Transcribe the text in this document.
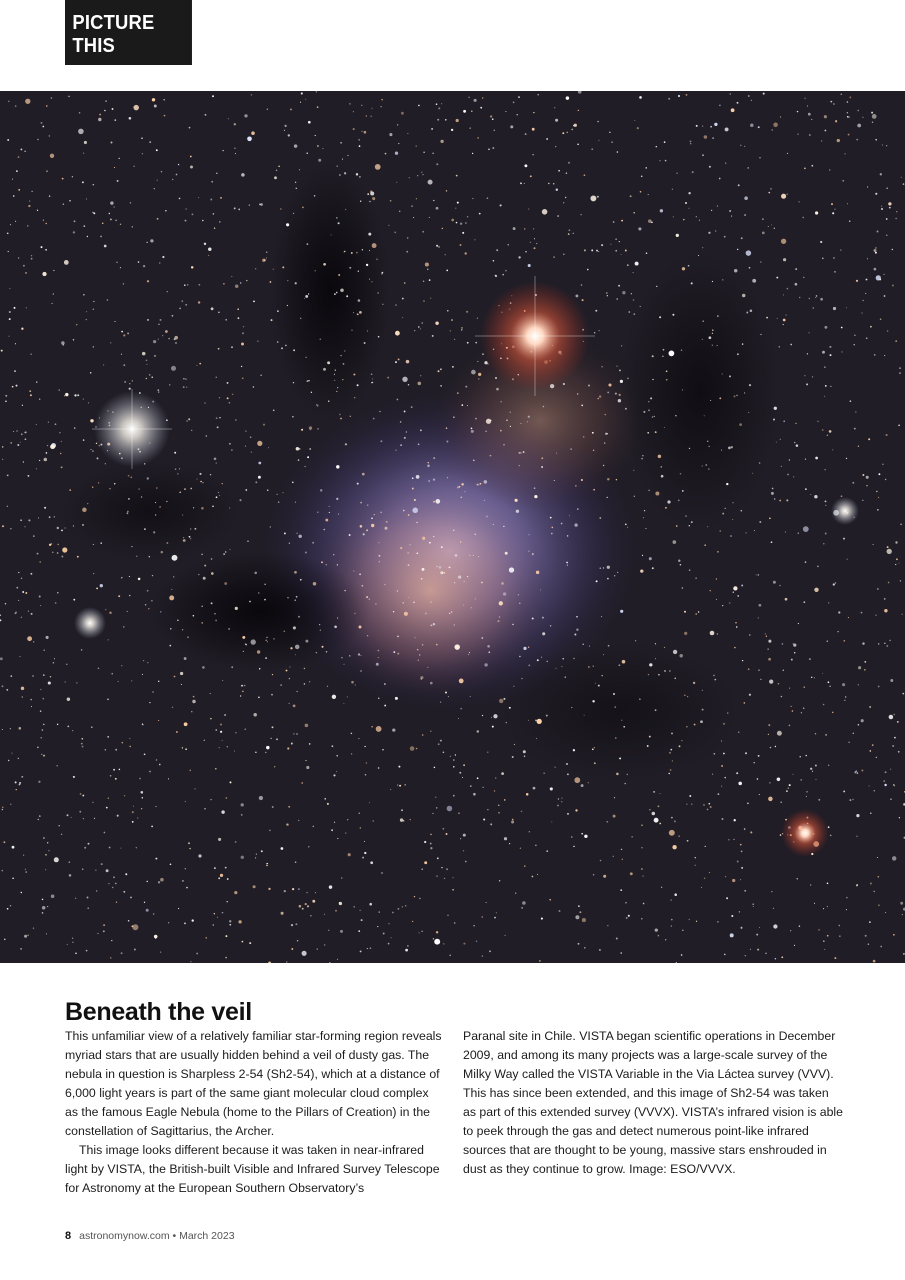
PICTURE THIS
Beneath the veil

This unfamiliar view of a relatively familiar star-forming region reveals myriad stars that are usually hidden behind a veil of dusty gas. The nebula in question is Sharpless 2-54 (Sh2-54), which at a distance of 6,000 light years is part of the same giant molecular cloud complex as the famous Eagle Nebula (home to the Pillars of Creation) in the constellation of Sagittarius, the Archer.

This image looks different because it was taken in near-infrared light by VISTA, the British-built Visible and Infrared Survey Telescope for Astronomy at the European Southern Observatory’s

Paranal site in Chile. VISTA began scientific operations in December 2009, and among its many projects was a large-scale survey of the Milky Way called the VISTA Variable in the Via Láctea survey (VVV). This has since been extended, and this image of Sh2-54 was taken as part of this extended survey (VVVX). VISTA’s infrared vision is able to peek through the gas and detect numerous point-like infrared sources that are thought to be young, massive stars enshrouded in dust as they continue to grow. Image: ESO/VVVX.

8 astronomynow.com • March 2023
